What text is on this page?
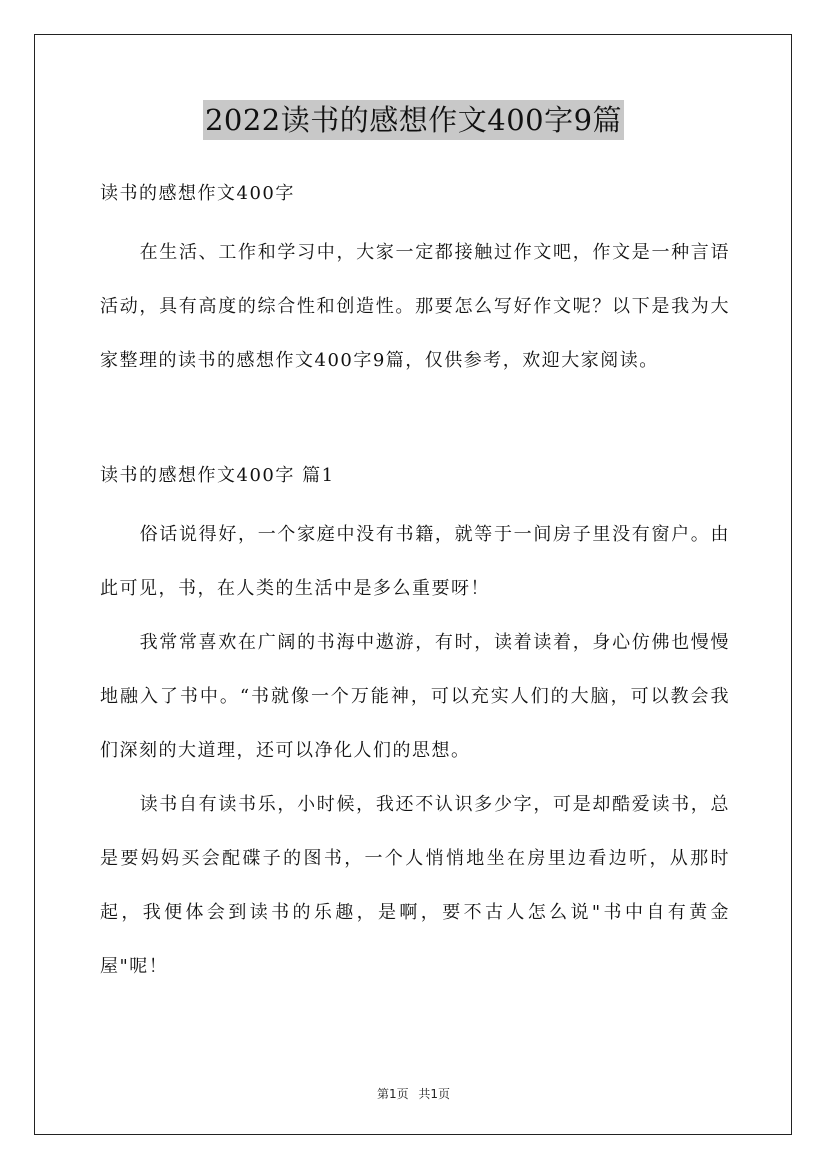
2022读书的感想作文400字9篇

读书的感想作文400字

在生活、工作和学习中，大家一定都接触过作文吧，作文是一种言语活动，具有高度的综合性和创造性。那要怎么写好作文呢？以下是我为大家整理的读书的感想作文400字9篇，仅供参考，欢迎大家阅读。

读书的感想作文400字 篇1

俗话说得好，一个家庭中没有书籍，就等于一间房子里没有窗户。由此可见，书，在人类的生活中是多么重要呀！

我常常喜欢在广阔的书海中遨游，有时，读着读着，身心仿佛也慢慢地融入了书中。“书就像一个万能神，可以充实人们的大脑，可以教会我们深刻的大道理，还可以净化人们的思想。

读书自有读书乐，小时候，我还不认识多少字，可是却酷爱读书，总是要妈妈买会配碟子的图书，一个人悄悄地坐在房里边看边听，从那时起，我便体会到读书的乐趣，是啊，要不古人怎么说"书中自有黄金屋"呢！

第1页 共1页
